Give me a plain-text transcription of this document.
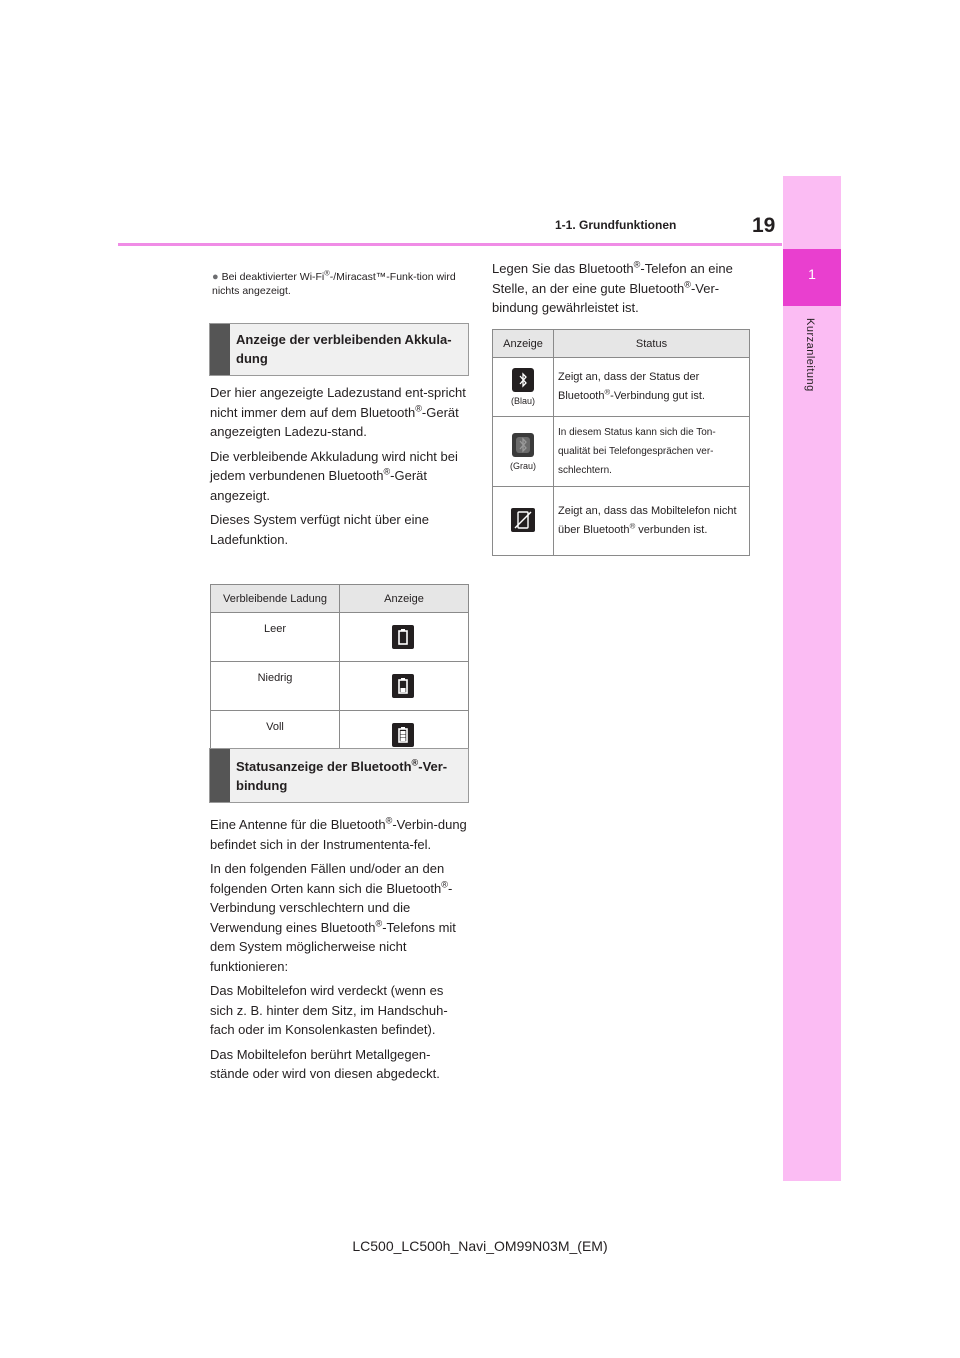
1-1. Grundfunktionen	19
1
Kurzanleitung
● Bei deaktivierter Wi-Fi®-/Miracast™-Funk-tion wird nichts angezeigt.
Anzeige der verbleibenden Akkula-dung

Der hier angezeigte Ladezustand ent-spricht nicht immer dem auf dem Bluetooth®-Gerät angezeigten Ladezu-stand.

Die verbleibende Akkuladung wird nicht bei jedem verbundenen Bluetooth®-Gerät angezeigt.

Dieses System verfügt nicht über eine Ladefunktion.

Verbleibende Ladung	Anzeige
Leer	

Niedrig	

Voll	
Statusanzeige der Bluetooth®-Ver-bindung

Eine Antenne für die Bluetooth®-Verbin-dung befindet sich in der Instrumententa-fel.

In den folgenden Fällen und/oder an den folgenden Orten kann sich die Bluetooth®-Verbindung verschlechtern und die Verwendung eines Bluetooth®-Telefons mit dem System möglicherweise nicht funktionieren:

Das Mobiltelefon wird verdeckt (wenn es sich z. B. hinter dem Sitz, im Handschuh-fach oder im Konsolenkasten befindet).

Das Mobiltelefon berührt Metallgegen-stände oder wird von diesen abgedeckt.

Legen Sie das Bluetooth®-Telefon an eine Stelle, an der eine gute Bluetooth®-Ver-bindung gewährleistet ist.
Anzeige	Status

(Blau)	Zeigt an, dass der Status der Bluetooth®-Verbindung gut ist.

(Grau)	In diesem Status kann sich die Ton-qualität bei Telefongesprächen ver-schlechtern.

	Zeigt an, dass das Mobiltelefon nicht über Bluetooth® verbunden ist.
LC500_LC500h_Navi_OM99N03M_(EM)
